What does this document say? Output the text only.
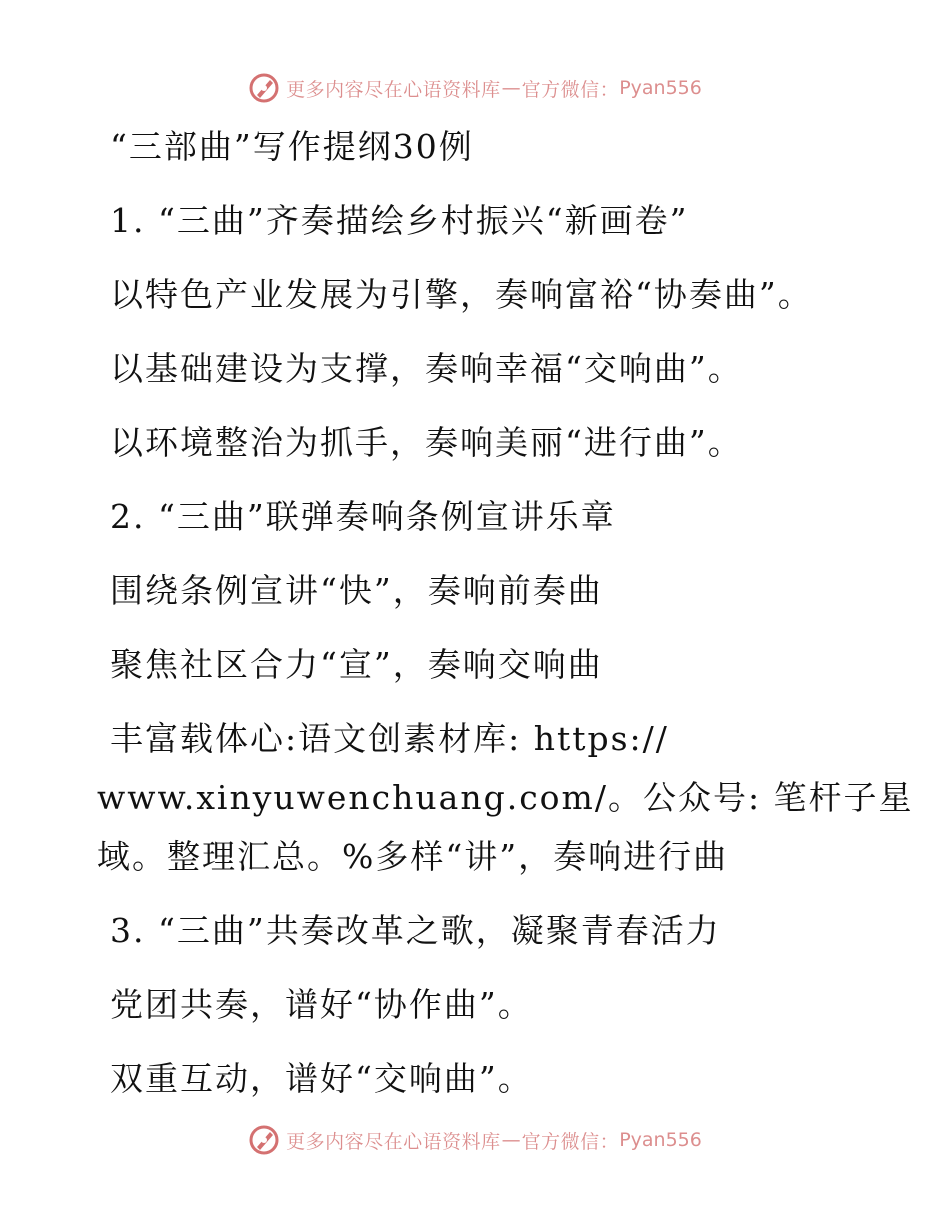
更多内容尽在心语资料库 — 官方微信： Pyan556
“三部曲”写作提纲30例
1. “三曲”齐奏描绘乡村振兴“新画卷”
以特色产业发展为引擎，奏响富裕“协奏曲”。
以基础建设为支撑，奏响幸福“交响曲”。
以环境整治为抓手，奏响美丽“进行曲”。
2. “三曲”联弹奏响条例宣讲乐章
围绕条例宣讲“快”，奏响前奏曲
聚焦社区合力“宣”，奏响交响曲
丰富载体心:语文创素材库: https://
www.xinyuwenchuang.com/。公众号: 笔杆子星
域。整理汇总。%多样“讲”，奏响进行曲
3. “三曲”共奏改革之歌，凝聚青春活力
党团共奏，谱好“协作曲”。
双重互动，谱好“交响曲”。
更多内容尽在心语资料库 — 官方微信： Pyan556
